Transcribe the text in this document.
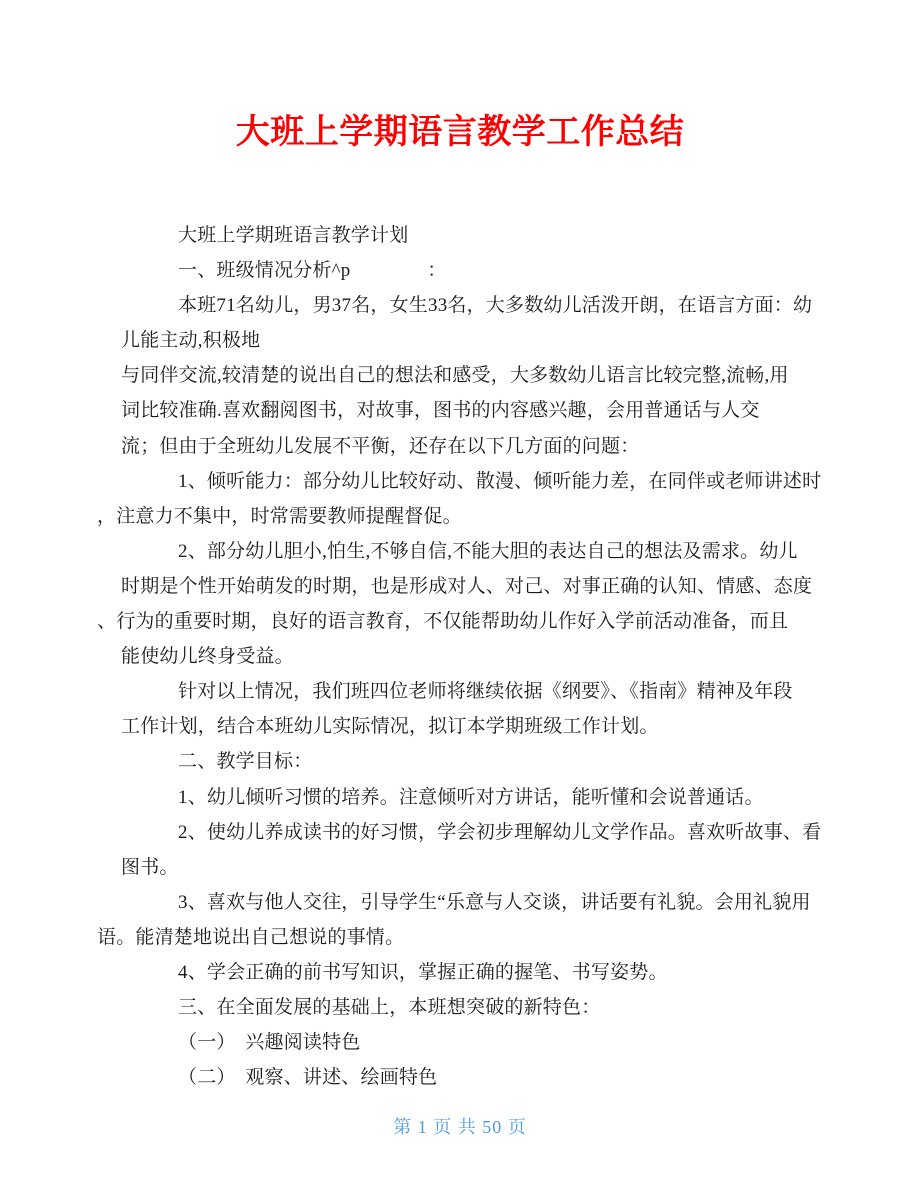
大班上学期语言教学工作总结
大班上学期班语言教学计划
一、班级情况分析^p　　　　：
本班71名幼儿，男37名，女生33名，大多数幼儿活泼开朗，在语言方面：幼
儿能主动,积极地
与同伴交流,较清楚的说出自己的想法和感受，大多数幼儿语言比较完整,流畅,用
词比较准确.喜欢翻阅图书，对故事，图书的内容感兴趣，会用普通话与人交
流；但由于全班幼儿发展不平衡，还存在以下几方面的问题：
1、倾听能力：部分幼儿比较好动、散漫、倾听能力差，在同伴或老师讲述时
，注意力不集中，时常需要教师提醒督促。
2、部分幼儿胆小,怕生,不够自信,不能大胆的表达自己的想法及需求。幼儿
时期是个性开始萌发的时期，也是形成对人、对己、对事正确的认知、情感、态度
、行为的重要时期，良好的语言教育，不仅能帮助幼儿作好入学前活动准备，而且
能使幼儿终身受益。
针对以上情况，我们班四位老师将继续依据《纲要》、《指南》精神及年段
工作计划，结合本班幼儿实际情况，拟订本学期班级工作计划。
二、教学目标：
1、幼儿倾听习惯的培养。注意倾听对方讲话，能听懂和会说普通话。
2、使幼儿养成读书的好习惯，学会初步理解幼儿文学作品。喜欢听故事、看
图书。
3、喜欢与他人交往，引导学生“乐意与人交谈，讲话要有礼貌。会用礼貌用
语。能清楚地说出自己想说的事情。
4、学会正确的前书写知识，掌握正确的握笔、书写姿势。
三、在全面发展的基础上，本班想突破的新特色：
（一）　兴趣阅读特色
（二）　观察、讲述、绘画特色
第 1 页 共 50 页
